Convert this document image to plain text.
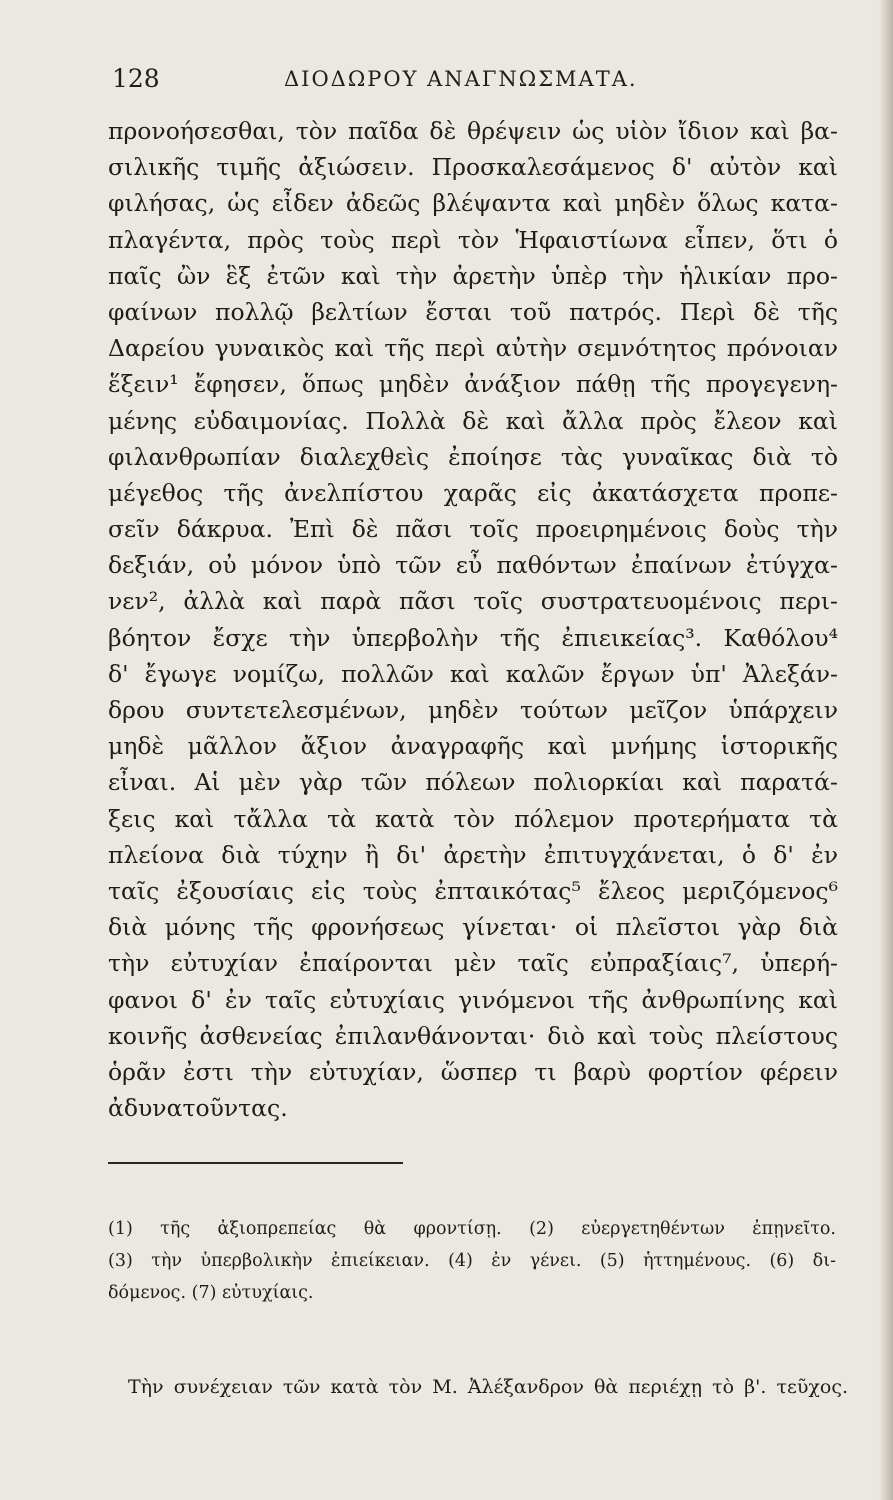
128	ΔΙΟΔΩΡΟΥ ΑΝΑΓΝΩΣΜΑΤΑ.
προνοήσεσθαι, τὸν παῖδα δὲ θρέψειν ὡς υἱὸν ἴδιον καὶ βα-
σιλικῆς τιμῆς ἀξιώσειν. Προσκαλεσάμενος δ' αὐτὸν καὶ
φιλήσας, ὡς εἶδεν ἀδεῶς βλέψαντα καὶ μηδὲν ὅλως κατα-
πλαγέντα, πρὸς τοὺς περὶ τὸν Ἡφαιστίωνα εἶπεν, ὅτι ὁ
παῖς ὢν ἓξ ἐτῶν καὶ τὴν ἀρετὴν ὑπὲρ τὴν ἡλικίαν προ-
φαίνων πολλῷ βελτίων ἔσται τοῦ πατρός. Περὶ δὲ τῆς
Δαρείου γυναικὸς καὶ τῆς περὶ αὐτὴν σεμνότητος πρόνοιαν
ἕξειν¹ ἔφησεν, ὅπως μηδὲν ἀνάξιον πάθῃ τῆς προγεγενη-
μένης εὐδαιμονίας. Πολλὰ δὲ καὶ ἄλλα πρὸς ἔλεον καὶ
φιλανθρωπίαν διαλεχθεὶς ἐποίησε τὰς γυναῖκας διὰ τὸ
μέγεθος τῆς ἀνελπίστου χαρᾶς εἰς ἀκατάσχετα προπε-
σεῖν δάκρυα. Ἐπὶ δὲ πᾶσι τοῖς προειρημένοις δοὺς τὴν
δεξιάν, οὐ μόνον ὑπὸ τῶν εὖ παθόντων ἐπαίνων ἐτύγχα-
νεν², ἀλλὰ καὶ παρὰ πᾶσι τοῖς συστρατευομένοις περι-
βόητον ἔσχε τὴν ὑπερβολὴν τῆς ἐπιεικείας³. Καθόλου⁴
δ' ἔγωγε νομίζω, πολλῶν καὶ καλῶν ἔργων ὑπ' Ἀλεξάν-
δρου συντετελεσμένων, μηδὲν τούτων μεῖζον ὑπάρχειν
μηδὲ μᾶλλον ἄξιον ἀναγραφῆς καὶ μνήμης ἱστορικῆς
εἶναι. Αἱ μὲν γὰρ τῶν πόλεων πολιορκίαι καὶ παρατά-
ξεις καὶ τἄλλα τὰ κατὰ τὸν πόλεμον προτερήματα τὰ
πλείονα διὰ τύχην ἢ δι' ἀρετὴν ἐπιτυγχάνεται, ὁ δ' ἐν
ταῖς ἐξουσίαις εἰς τοὺς ἐπταικότας⁵ ἔλεος μεριζόμενος⁶
διὰ μόνης τῆς φρονήσεως γίνεται· οἱ πλεῖστοι γὰρ διὰ
τὴν εὐτυχίαν ἐπαίρονται μὲν ταῖς εὐπραξίαις⁷, ὑπερή-
φανοι δ' ἐν ταῖς εὐτυχίαις γινόμενοι τῆς ἀνθρωπίνης καὶ
κοινῆς ἀσθενείας ἐπιλανθάνονται· διὸ καὶ τοὺς πλείστους
ὁρᾶν ἐστι τὴν εὐτυχίαν, ὥσπερ τι βαρὺ φορτίον φέρειν
ἀδυνατοῦντας.
(1) τῆς ἀξιοπρεπείας θὰ φροντίσῃ. (2) εὐεργετηθέντων ἐπῃνεῖτο.
(3) τὴν ὑπερβολικὴν ἐπιείκειαν. (4) ἐν γένει. (5) ἡττημένους. (6) δι-
δόμενος. (7) εὐτυχίαις.
Τὴν συνέχειαν τῶν κατὰ τὸν Μ. Ἀλέξανδρον θὰ περιέχῃ τὸ β'. τεῦχος.
